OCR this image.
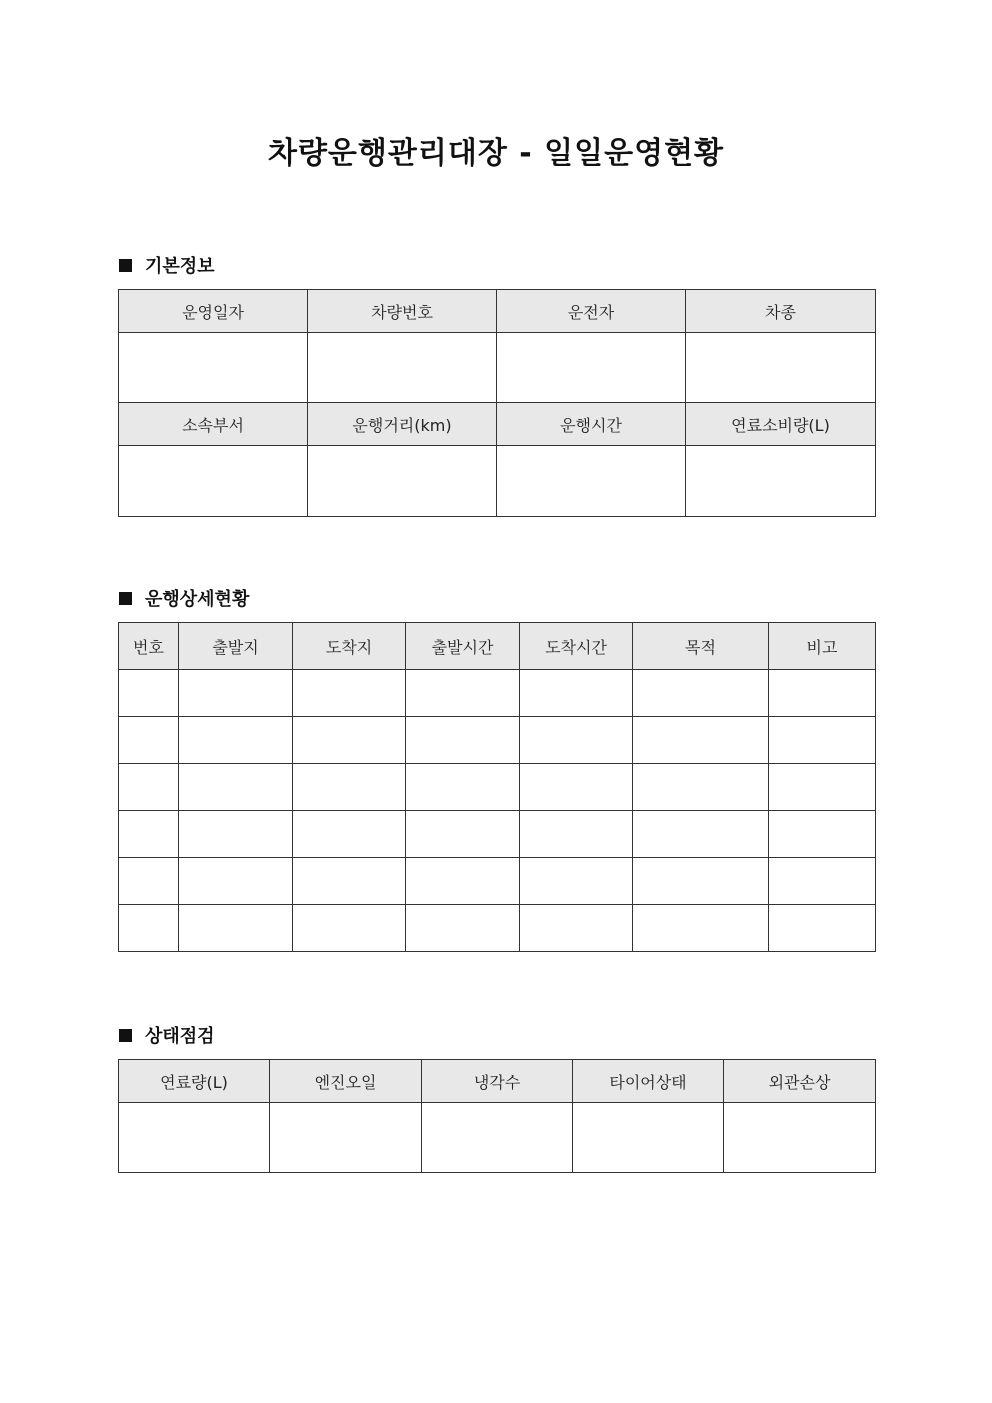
차량운행관리대장 - 일일운영현황
기본정보
운영일자	차량번호	운전자	차종

소속부서	운행거리(km)	운행시간	연료소비량(L)

운행상세현황
번호	출발지	도착지	출발시간	도착시간	목적	비고

상태점검
연료량(L)	엔진오일	냉각수	타이어상태	외관손상
